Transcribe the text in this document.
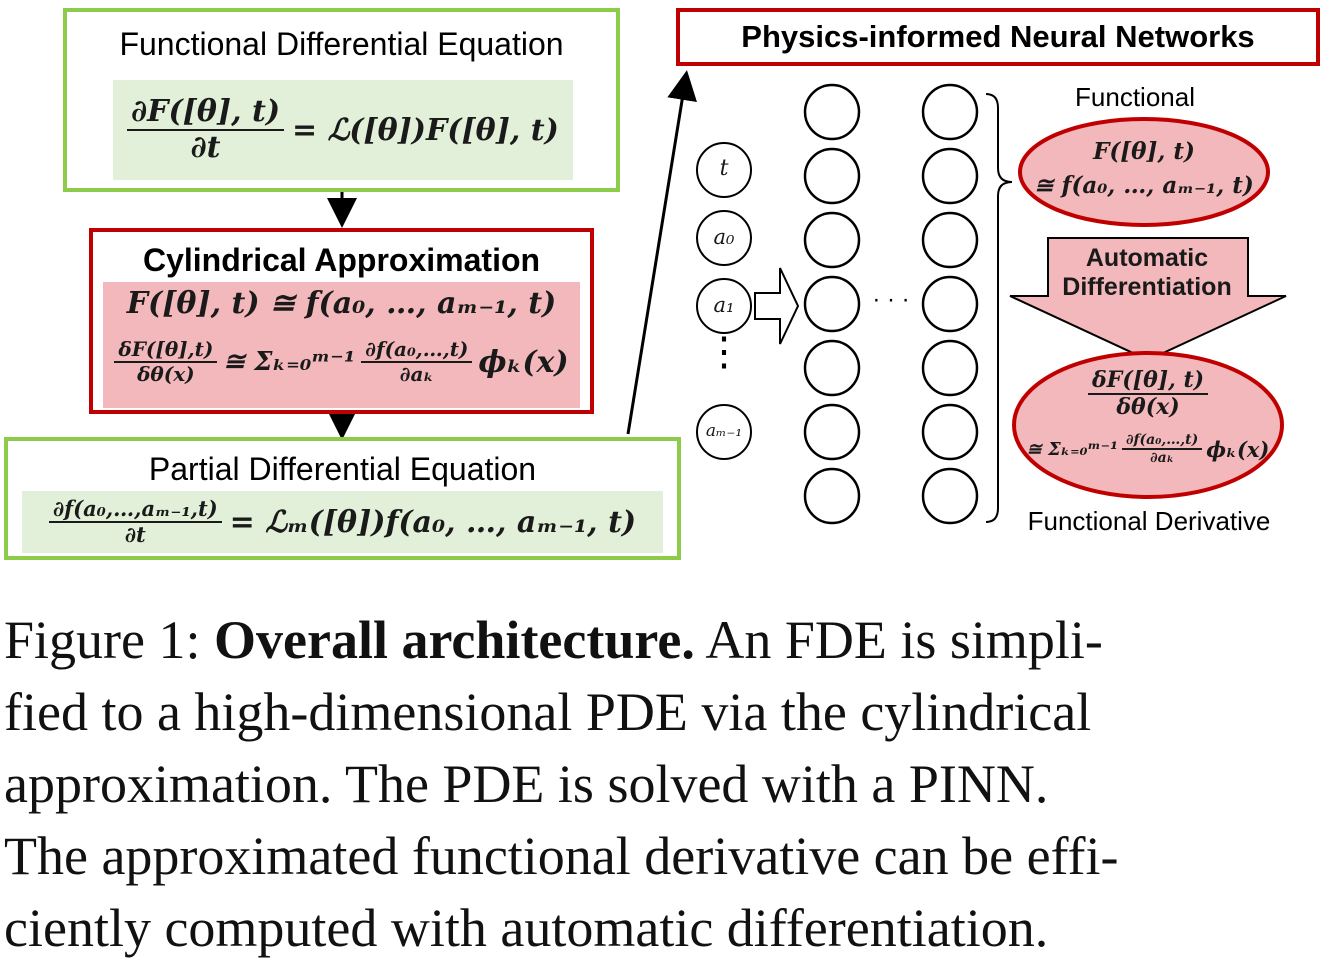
Functional Differential Equation
$\frac{\partial F([\theta], t)}{\partial t}$ = ℒ([θ])F([θ], t)
Cylindrical Approximation
F([θ], t) ≅ f(a₀, …, aₘ₋₁, t)
$\frac{\delta F([\theta],t)}{\delta\theta(x)}$ ≅ Σₖ₌₀ᵐ⁻¹ $\frac{\text{∂f(a₀,…,t)}}{\text{∂aₖ}} \phi_k(x)$
Partial Differential Equation
$\frac{\text{∂f(a₀,…,aₘ₋₁,t)}}{\partial t}$ = ℒₘ([θ])f(a₀, …, aₘ₋₁, t)
Physics-informed Neural Networks
t
a₀
a₁
aₘ₋₁
⋮
· · ·
Functional
F([θ], t)
≅ f(a₀, …, aₘ₋₁, t)
Automatic
Differentiation
$\frac{\delta F([\theta], t)}{\delta\theta(x)}$
≅ Σₖ₌₀ᵐ⁻¹ $\frac{\text{∂f(a₀,…,t)}}{\text{∂aₖ}} \phi_k(x)$
Functional Derivative
Figure 1: Overall architecture. An FDE is simpli-
fied to a high-dimensional PDE via the cylindrical
approximation. The PDE is solved with a PINN.
The approximated functional derivative can be effi-
ciently computed with automatic differentiation.
